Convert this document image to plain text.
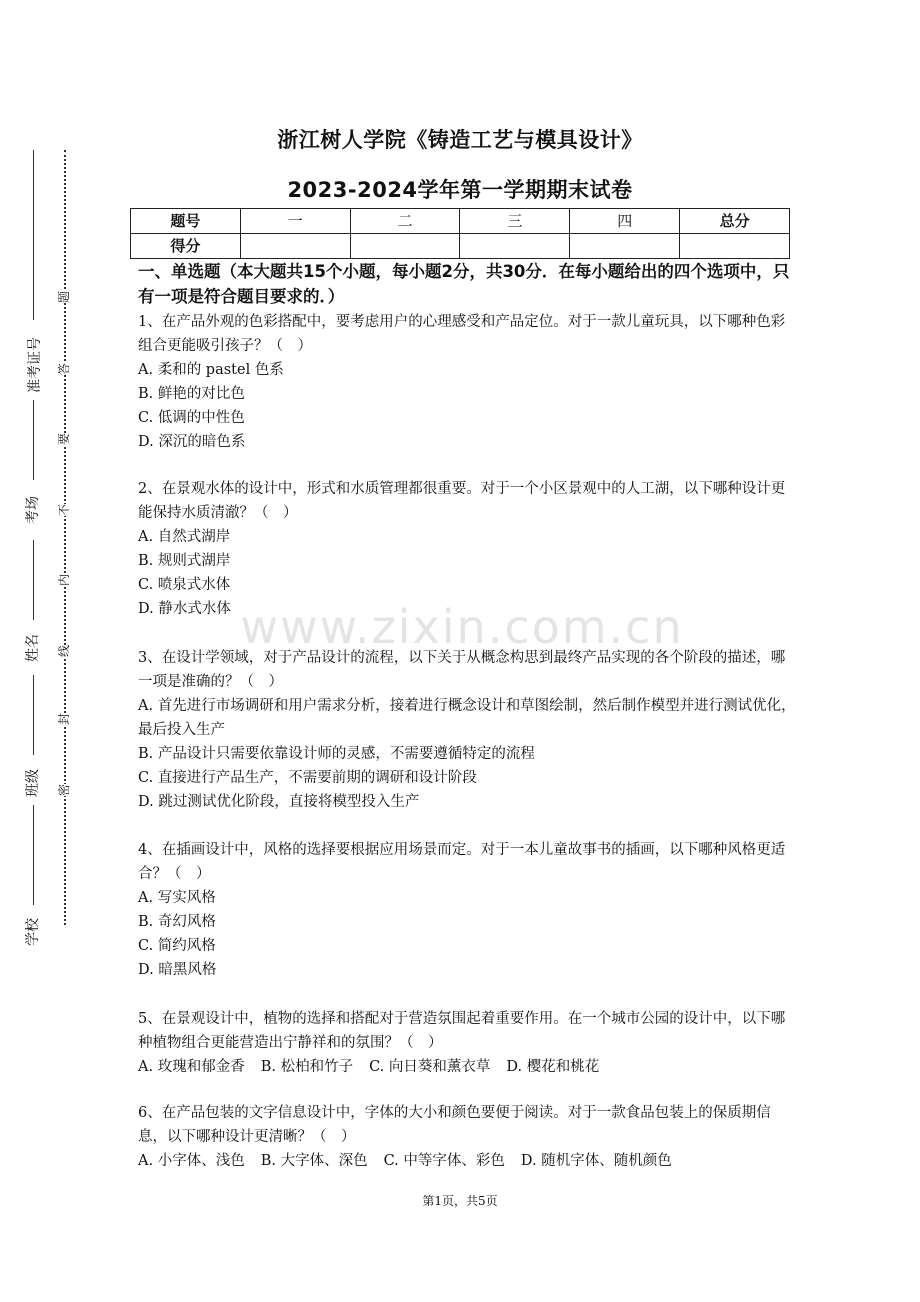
www.zixin.com.cn
准考证号
考场
姓名
班级
学校
题
答
要
不
内
线
封
密
浙江树人学院《铸造工艺与模具设计》
2023-2024学年第一学期期末试卷
题号	一	二	三	四	总分
得分					
一、单选题（本大题共15个小题，每小题2分，共30分．在每小题给出的四个选项中，只有一项是符合题目要求的．）
1、在产品外观的色彩搭配中，要考虑用户的心理感受和产品定位。对于一款儿童玩具，以下哪种色彩组合更能吸引孩子？（　）
A. 柔和的 pastel 色系
B. 鲜艳的对比色
C. 低调的中性色
D. 深沉的暗色系
2、在景观水体的设计中，形式和水质管理都很重要。对于一个小区景观中的人工湖，以下哪种设计更能保持水质清澈？（　）
A. 自然式湖岸
B. 规则式湖岸
C. 喷泉式水体
D. 静水式水体
3、在设计学领域，对于产品设计的流程，以下关于从概念构思到最终产品实现的各个阶段的描述，哪一项是准确的？（　）
A. 首先进行市场调研和用户需求分析，接着进行概念设计和草图绘制，然后制作模型并进行测试优化，最后投入生产
B. 产品设计只需要依靠设计师的灵感，不需要遵循特定的流程
C. 直接进行产品生产，不需要前期的调研和设计阶段
D. 跳过测试优化阶段，直接将模型投入生产
4、在插画设计中，风格的选择要根据应用场景而定。对于一本儿童故事书的插画，以下哪种风格更适合？（　）
A. 写实风格
B. 奇幻风格
C. 简约风格
D. 暗黑风格
5、在景观设计中，植物的选择和搭配对于营造氛围起着重要作用。在一个城市公园的设计中，以下哪种植物组合更能营造出宁静祥和的氛围？（　）
A. 玫瑰和郁金香 B. 松柏和竹子 C. 向日葵和薰衣草 D. 樱花和桃花
6、在产品包装的文字信息设计中，字体的大小和颜色要便于阅读。对于一款食品包装上的保质期信息，以下哪种设计更清晰？（　）
A. 小字体、浅色 B. 大字体、深色 C. 中等字体、彩色 D. 随机字体、随机颜色
第1页，共5页
